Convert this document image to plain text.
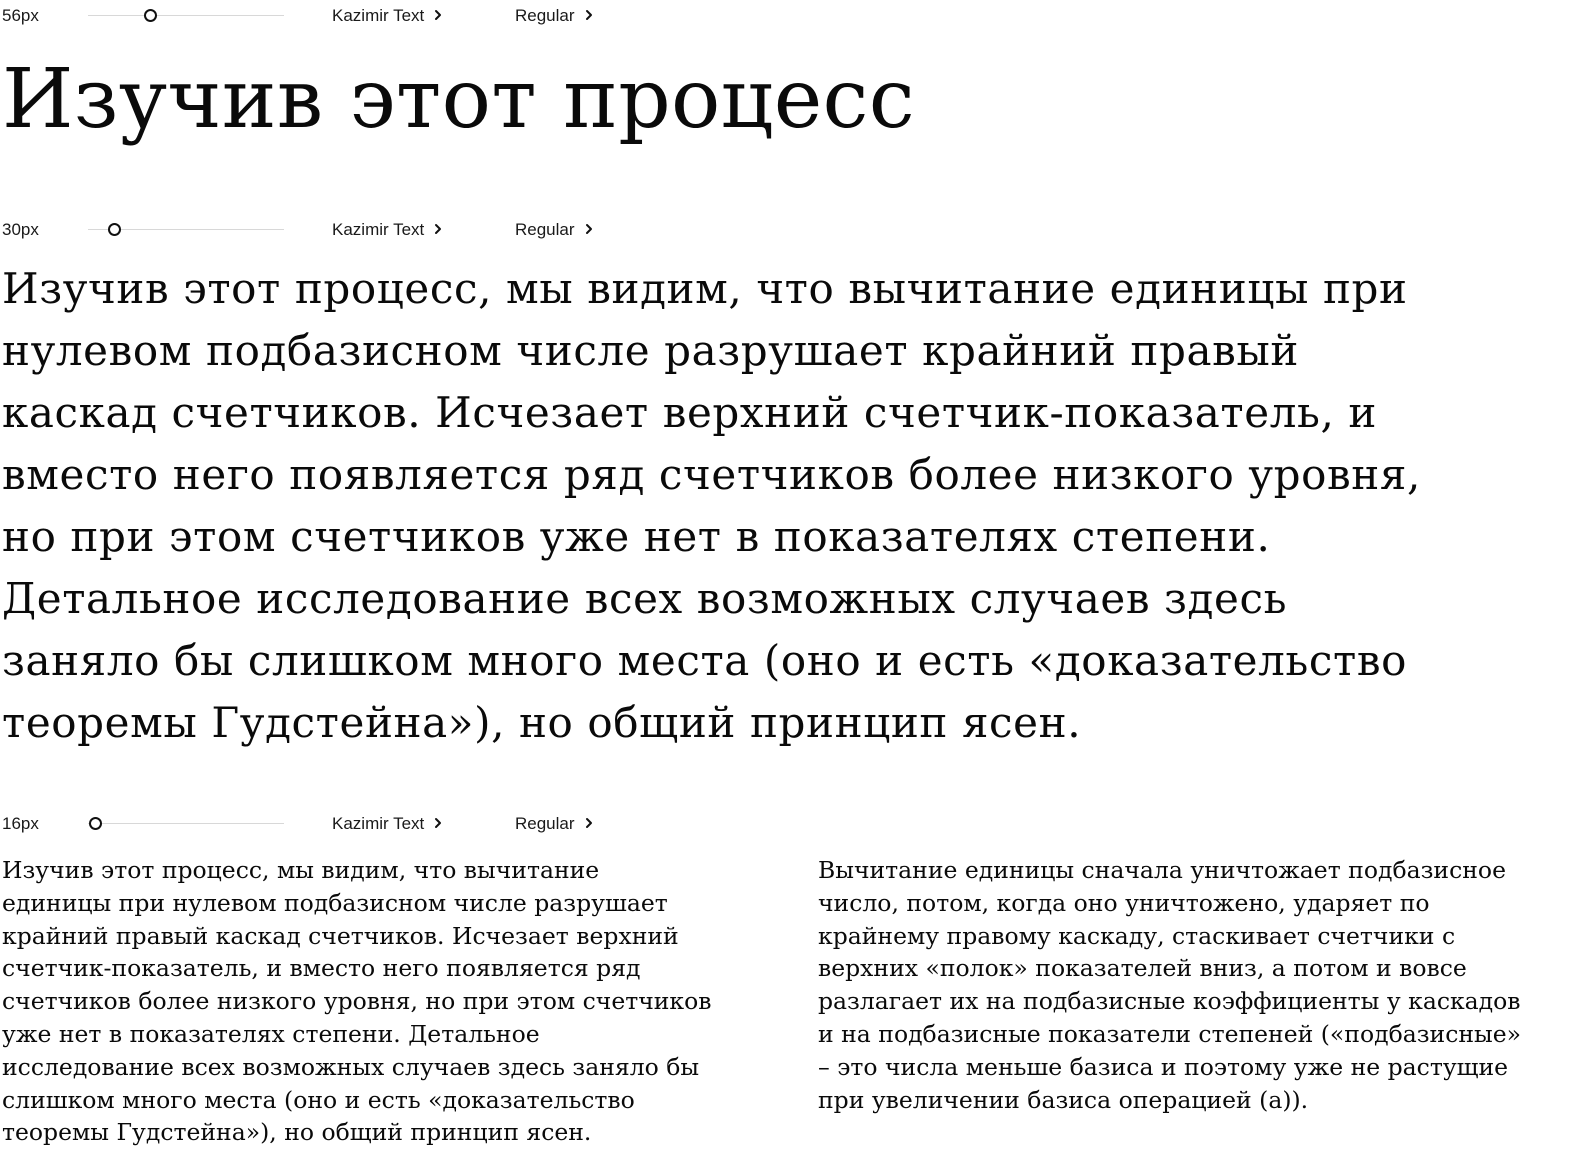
56px	Kazimir Text	Regular
Изучив этот процесс
30px	Kazimir Text	Regular
Изучив этот процесс, мы видим, что вычитание единицы при
нулевом подбазисном числе разрушает крайний правый
каскад счетчиков. Исчезает верхний счетчик-показатель, и
вместо него появляется ряд счетчиков более низкого уровня,
но при этом счетчиков уже нет в показателях степени.
Детальное исследование всех возможных случаев здесь
заняло бы слишком много места (оно и есть «доказательство
теоремы Гудстейна»), но общий принцип ясен.
16px	Kazimir Text	Regular
Изучив этот процесс, мы видим, что вычитание
единицы при нулевом подбазисном числе разрушает
крайний правый каскад счетчиков. Исчезает верхний
счетчик-показатель, и вместо него появляется ряд
счетчиков более низкого уровня, но при этом счетчиков
уже нет в показателях степени. Детальное
исследование всех возможных случаев здесь заняло бы
слишком много места (оно и есть «доказательство
теоремы Гудстейна»), но общий принцип ясен.
Вычитание единицы сначала уничтожает подбазисное
число, потом, когда оно уничтожено, ударяет по
крайнему правому каскаду, стаскивает счетчики с
верхних «полок» показателей вниз, а потом и вовсе
разлагает их на подбазисные коэффициенты у каскадов
и на подбазисные показатели степеней («подбазисные»
– это числа меньше базиса и поэтому уже не растущие
при увеличении базиса операцией (а)).
